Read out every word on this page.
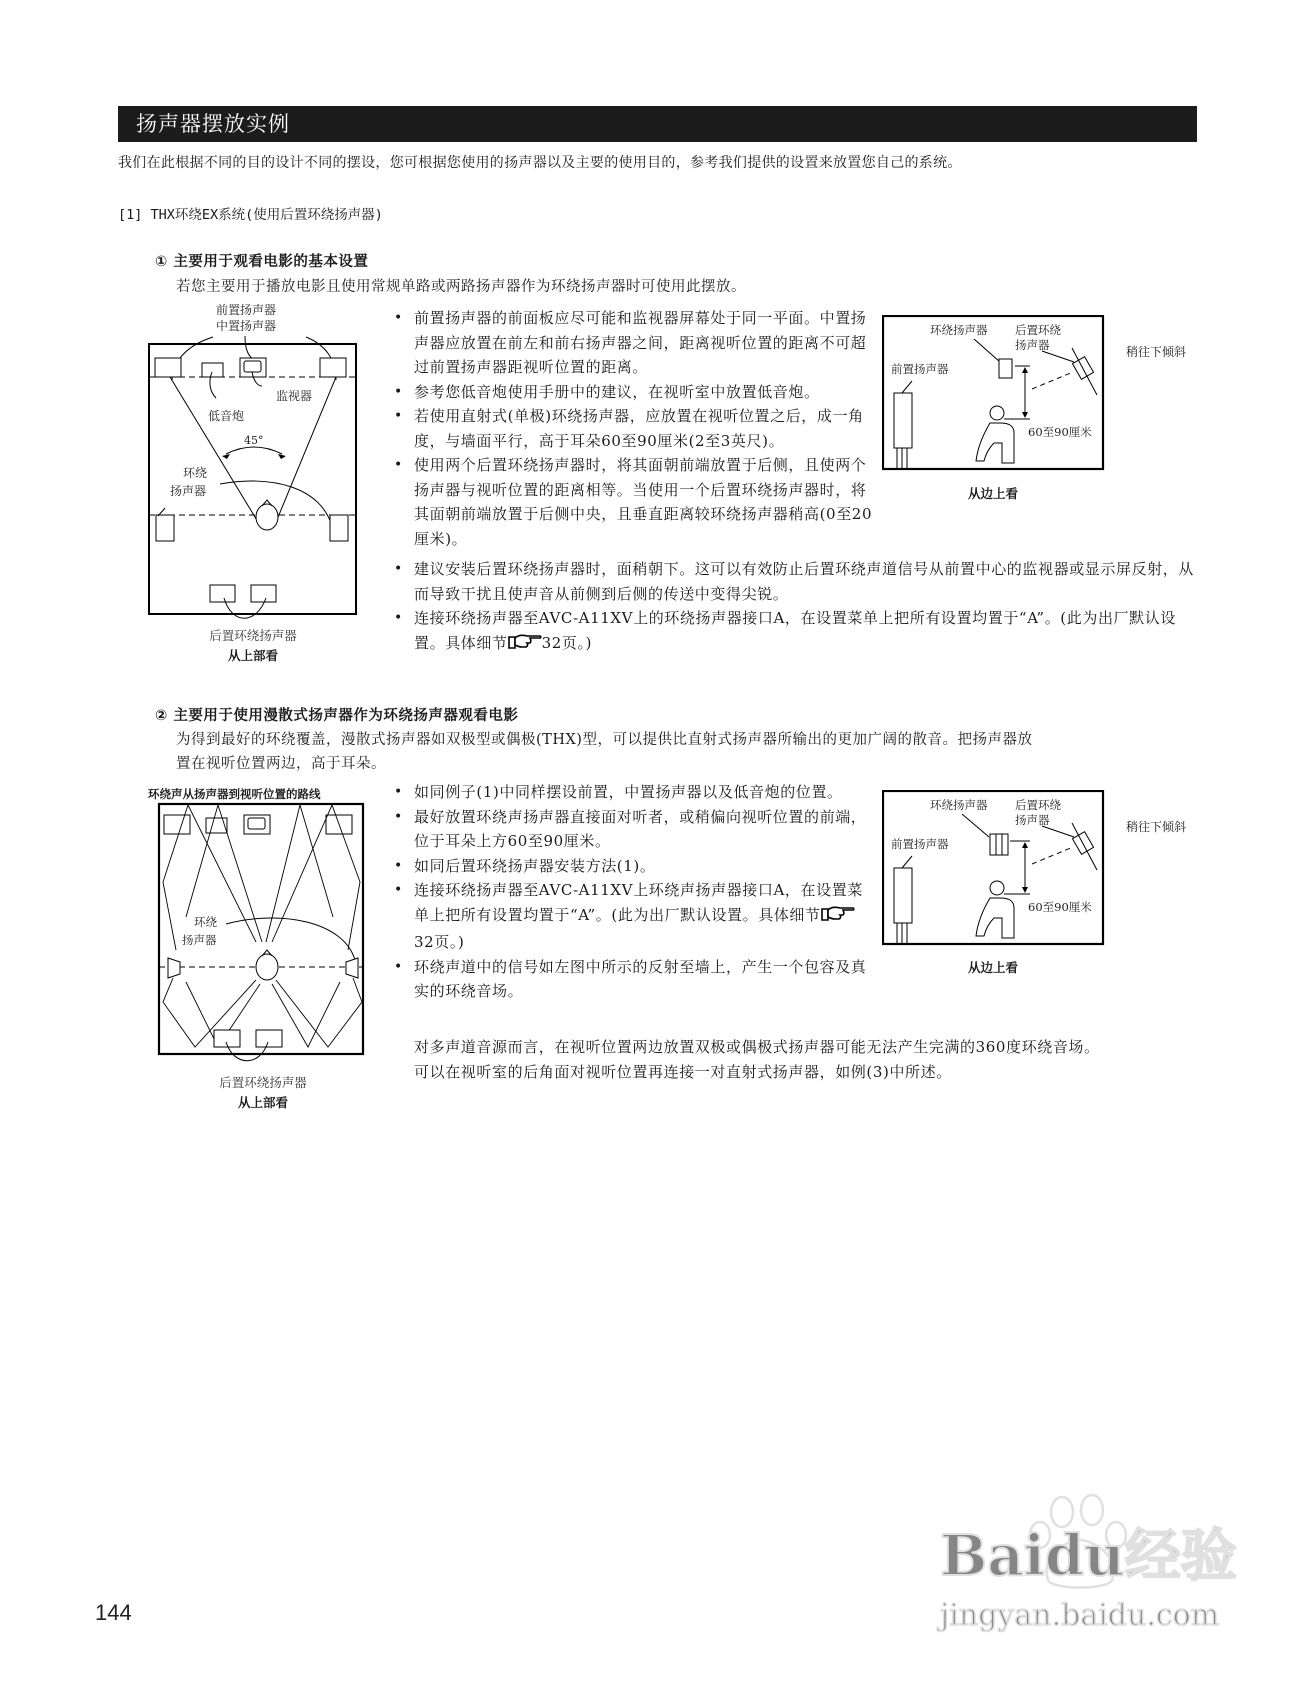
扬声器摆放实例
我们在此根据不同的目的设计不同的摆设，您可根据您使用的扬声器以及主要的使用目的，参考我们提供的设置来放置您自己的系统。
[1] THX环绕EX系统(使用后置环绕扬声器)
① 主要用于观看电影的基本设置
若您主要用于播放电影且使用常规单路或两路扬声器作为环绕扬声器时可使用此摆放。
前置扬声器
中置扬声器
监视器
低音炮
45°
环绕
扬声器
后置环绕扬声器
从上部看
• 前置扬声器的前面板应尽可能和监视器屏幕处于同一平面。中置扬声器应放置在前左和前右扬声器之间，距离视听位置的距离不可超过前置扬声器距视听位置的距离。
• 参考您低音炮使用手册中的建议，在视听室中放置低音炮。
• 若使用直射式(单极)环绕扬声器，应放置在视听位置之后，成一角度，与墙面平行，高于耳朵60至90厘米(2至3英尺)。
• 使用两个后置环绕扬声器时，将其面朝前端放置于后侧，且使两个扬声器与视听位置的距离相等。当使用一个后置环绕扬声器时，将其面朝前端放置于后侧中央，且垂直距离较环绕扬声器稍高(0至20厘米)。
• 建议安装后置环绕扬声器时，面稍朝下。这可以有效防止后置环绕声道信号从前置中心的监视器或显示屏反射，从而导致干扰且使声音从前侧到后侧的传送中变得尖锐。
• 连接环绕扬声器至AVC-A11XV上的环绕扬声器接口A，在设置菜单上把所有设置均置于“A”。(此为出厂默认设置。具体细节 32页。)
环绕扬声器 后置环绕
扬声器
前置扬声器
60至90厘米
稍往下倾斜
从边上看
② 主要用于使用漫散式扬声器作为环绕扬声器观看电影
为得到最好的环绕覆盖，漫散式扬声器如双极型或偶极(THX)型，可以提供比直射式扬声器所输出的更加广阔的散音。把扬声器放
置在视听位置两边，高于耳朵。
环绕声从扬声器到视听位置的路线
环绕
扬声器
后置环绕扬声器
从上部看
• 如同例子(1)中同样摆设前置，中置扬声器以及低音炮的位置。
• 最好放置环绕声扬声器直接面对听者，或稍偏向视听位置的前端，位于耳朵上方60至90厘米。
• 如同后置环绕扬声器安装方法(1)。
• 连接环绕扬声器至AVC-A11XV上环绕声扬声器接口A，在设置菜单上把所有设置均置于“A”。(此为出厂默认设置。具体细节32页。)
• 环绕声道中的信号如左图中所示的反射至墙上，产生一个包容及真实的环绕音场。
对多声道音源而言，在视听位置两边放置双极或偶极式扬声器可能无法产生完满的360度环绕音场。
可以在视听室的后角面对视听位置再连接一对直射式扬声器，如例(3)中所述。
环绕扬声器 后置环绕
扬声器
前置扬声器
60至90厘米
稍往下倾斜
从边上看
144
Baidu经验
jingyan.baidu.com
